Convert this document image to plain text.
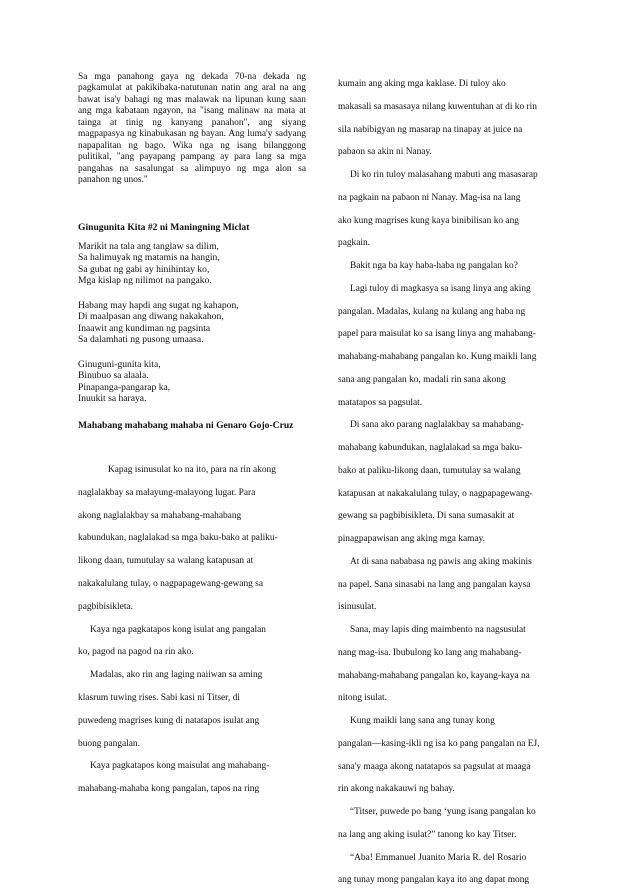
Sa mga panahong gaya ng dekada 70-na dekada ng pagkamulat at pakikibaka-natutunan natin ang aral na ang bawat isa'y bahagi ng mas malawak na lipunan kung saan ang mga kabataan ngayon, na "isang malinaw na mata at tainga at tinig ng kanyang panahon", ang siyang magpapasya ng kinabukasan ng bayan. Ang luma'y sadyang napapalitan ng bago. Wika nga ng isang bilanggong pulitikal, "ang payapang pampang ay para lang sa mga pangahas na sasalungat sa alimpuyo ng mga alon sa panahon ng unos."

Ginugunita Kita #2 ni Maningning Miclat

Marikit na tala ang tanglaw sa dilim,
Sa halimuyak ng matamis na hangin,
Sa gubat ng gabi ay hinihintay ko,
Mga kislap ng nilimot na pangako.
Habang may hapdi ang sugat ng kahapon,
Di maalpasan ang diwang nakakahon,
Inaawit ang kundiman ng pagsinta
Sa dalamhati ng pusong umaasa.
Ginuguni-gunita kita,
Binubuo sa alaala.
Pinapanga-pangarap ka,
Inuukit sa haraya.

Mahabang mahabang mahaba ni Genaro Gojo-Cruz

Kapag isinusulat ko na ito, para na rin akong
naglalakbay sa malayung-malayong lugar. Para
akong naglalakbay sa mahabang-mahabang
kabundukan, naglalakad sa mga baku-bako at paliku-
likong daan, tumutulay sa walang katapusan at
nakakalulang tulay, o nagpapagewang-gewang sa
pagbibisikleta.
Kaya nga pagkatapos kong isulat ang pangalan
ko, pagod na pagod na rin ako.
Madalas, ako rin ang laging naiiwan sa aming
klasrum tuwing rises. Sabi kasi ni Titser, di
puwedeng magrises kung di natatapos isulat ang
buong pangalan.
Kaya pagkatapos kong maisulat ang mahabang-
mahabang-mahaba kong pangalan, tapos na ring
kumain ang aking mga kaklase. Di tuloy ako
makasali sa masasaya nilang kuwentuhan at di ko rin
sila nabibigyan ng masarap na tinapay at juice na
pabaon sa akin ni Nanay.
Di ko rin tuloy malasahang mabuti ang masasarap
na pagkain na pabaon ni Nanay. Mag-isa na lang
ako kung magrises kung kaya binibilisan ko ang
pagkain.
Bakit nga ba kay haba-haba ng pangalan ko?
Lagi tuloy di magkasya sa isang linya ang aking
pangalan. Madalas, kulang na kulang ang haba ng
papel para maisulat ko sa isang linya ang mahabang-
mahabang-mahabang pangalan ko. Kung maikli lang
sana ang pangalan ko, madali rin sana akong
matatapos sa pagsulat.
Di sana ako parang naglalakbay sa mahabang-
mahabang kabundukan, naglalakad sa mga baku-
bako at paliku-likong daan, tumutulay sa walang
katapusan at nakakalulang tulay, o nagpapagewang-
gewang sa pagbibisikleta. Di sana sumasakit at
pinagpapawisan ang aking mga kamay.
At di sana nababasa ng pawis ang aking makinis
na papel. Sana sinasabi na lang ang pangalan kaysa
isinusulat.
Sana, may lapis ding maimbento na nagsusulat
nang mag-isa. Ibubulong ko lang ang mahabang-
mahabang-mahabang pangalan ko, kayang-kaya na
nitong isulat.
Kung maikli lang sana ang tunay kong
pangalan—kasing-ikli ng isa ko pang pangalan na EJ,
sana'y maaga akong natatapos sa pagsulat at maaga
rin akong nakakauwi ng bahay.
“Titser, puwede po bang ‘yung isang pangalan ko
na lang ang aking isulat?” tanong ko kay Titser.
“Aba! Emmanuel Juanito Maria R. del Rosario
ang tunay mong pangalan kaya ito ang dapat mong
